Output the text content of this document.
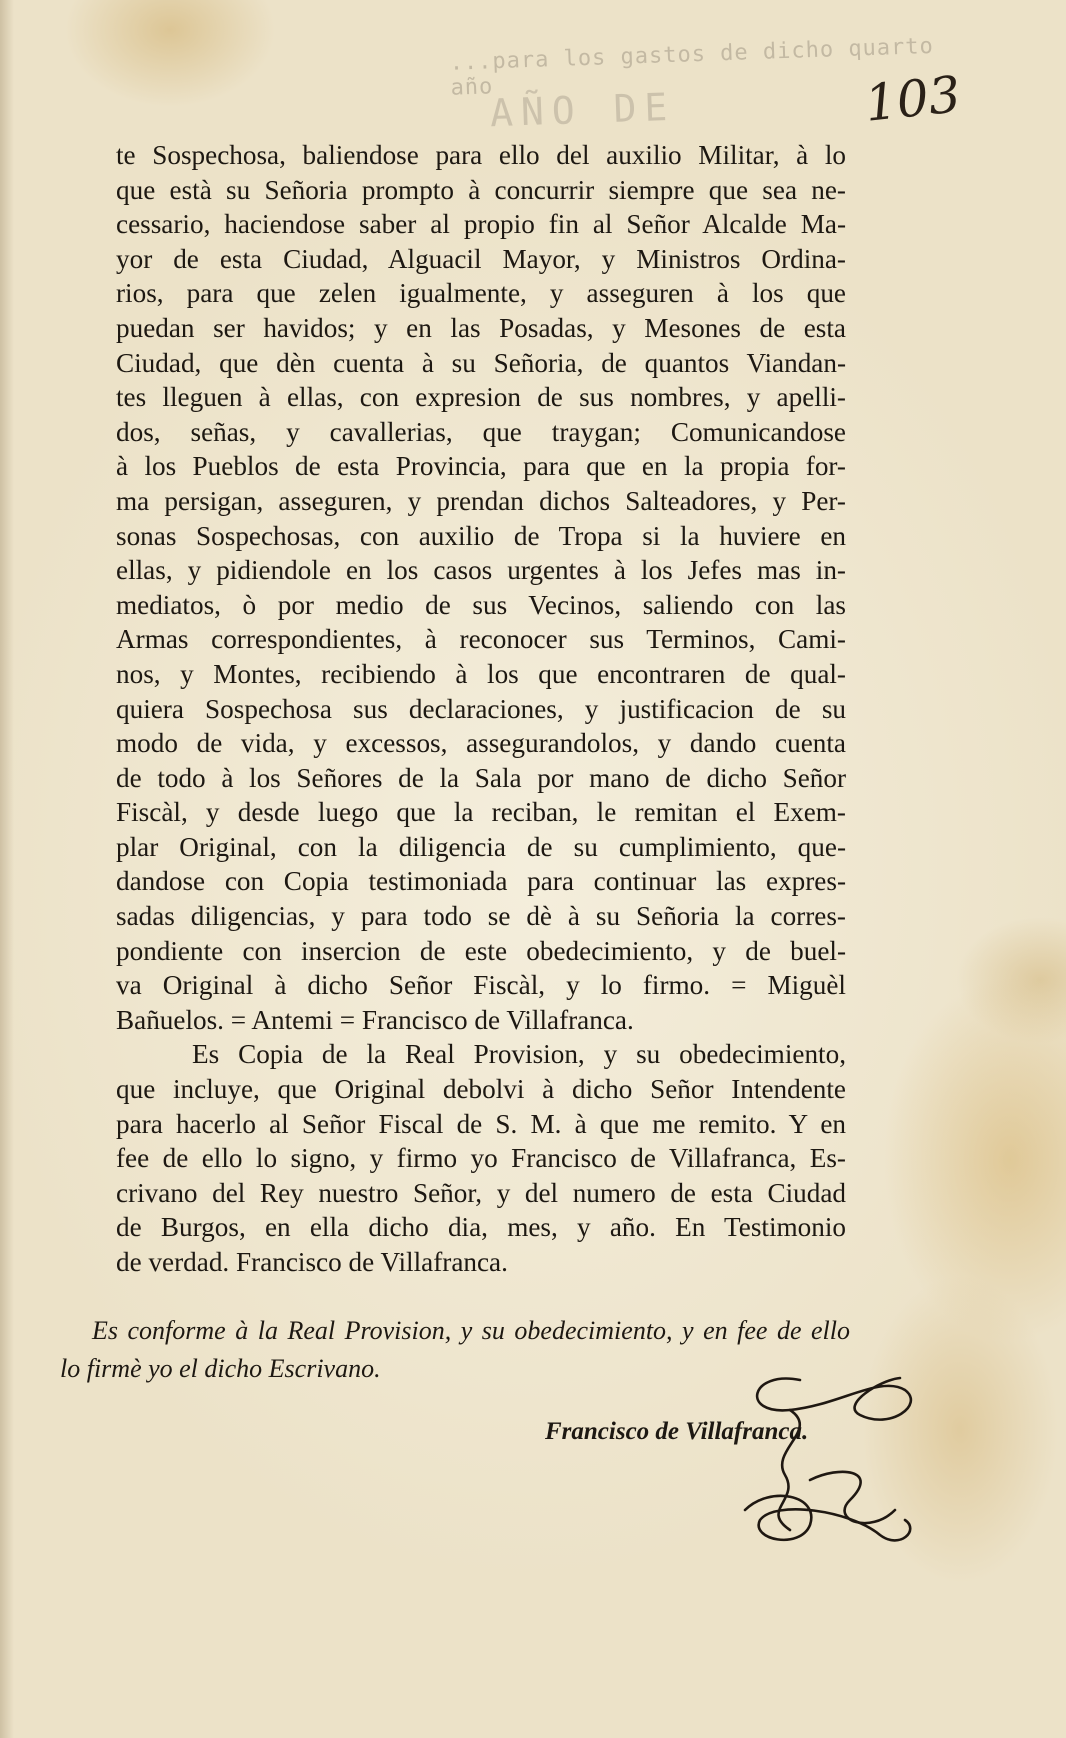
...para los gastos de dicho quarto año
AÑO DE	103
te Sospechosa, baliendose para ello del auxilio Militar, à lo
que està su Señoria prompto à concurrir siempre que sea ne-
cessario, haciendose saber al propio fin al Señor Alcalde Ma-
yor de esta Ciudad, Alguacil Mayor, y Ministros Ordina-
rios, para que zelen igualmente, y asseguren à los que
puedan ser havidos; y en las Posadas, y Mesones de esta
Ciudad, que dèn cuenta à su Señoria, de quantos Viandan-
tes lleguen à ellas, con expresion de sus nombres, y apelli-
dos, señas, y cavallerias, que traygan; Comunicandose
à los Pueblos de esta Provincia, para que en la propia for-
ma persigan, asseguren, y prendan dichos Salteadores, y Per-
sonas Sospechosas, con auxilio de Tropa si la huviere en
ellas, y pidiendole en los casos urgentes à los Jefes mas in-
mediatos, ò por medio de sus Vecinos, saliendo con las
Armas correspondientes, à reconocer sus Terminos, Cami-
nos, y Montes, recibiendo à los que encontraren de qual-
quiera Sospechosa sus declaraciones, y justificacion de su
modo de vida, y excessos, assegurandolos, y dando cuenta
de todo à los Señores de la Sala por mano de dicho Señor
Fiscàl, y desde luego que la reciban, le remitan el Exem-
plar Original, con la diligencia de su cumplimiento, que-
dandose con Copia testimoniada para continuar las expres-
sadas diligencias, y para todo se dè à su Señoria la corres-
pondiente con insercion de este obedecimiento, y de buel-
va Original à dicho Señor Fiscàl, y lo firmo. = Miguèl
Bañuelos. = Antemi = Francisco de Villafranca.
Es Copia de la Real Provision, y su obedecimiento,
que incluye, que Original debolvi à dicho Señor Intendente
para hacerlo al Señor Fiscal de S. M. à que me remito. Y en
fee de ello lo signo, y firmo yo Francisco de Villafranca, Es-
crivano del Rey nuestro Señor, y del numero de esta Ciudad
de Burgos, en ella dicho dia, mes, y año. En Testimonio
de verdad. Francisco de Villafranca.
Es conforme à la Real Provision, y su obedecimiento, y en fee de ello
lo firmè yo el dicho Escrivano.
Francisco de Villafranca.
